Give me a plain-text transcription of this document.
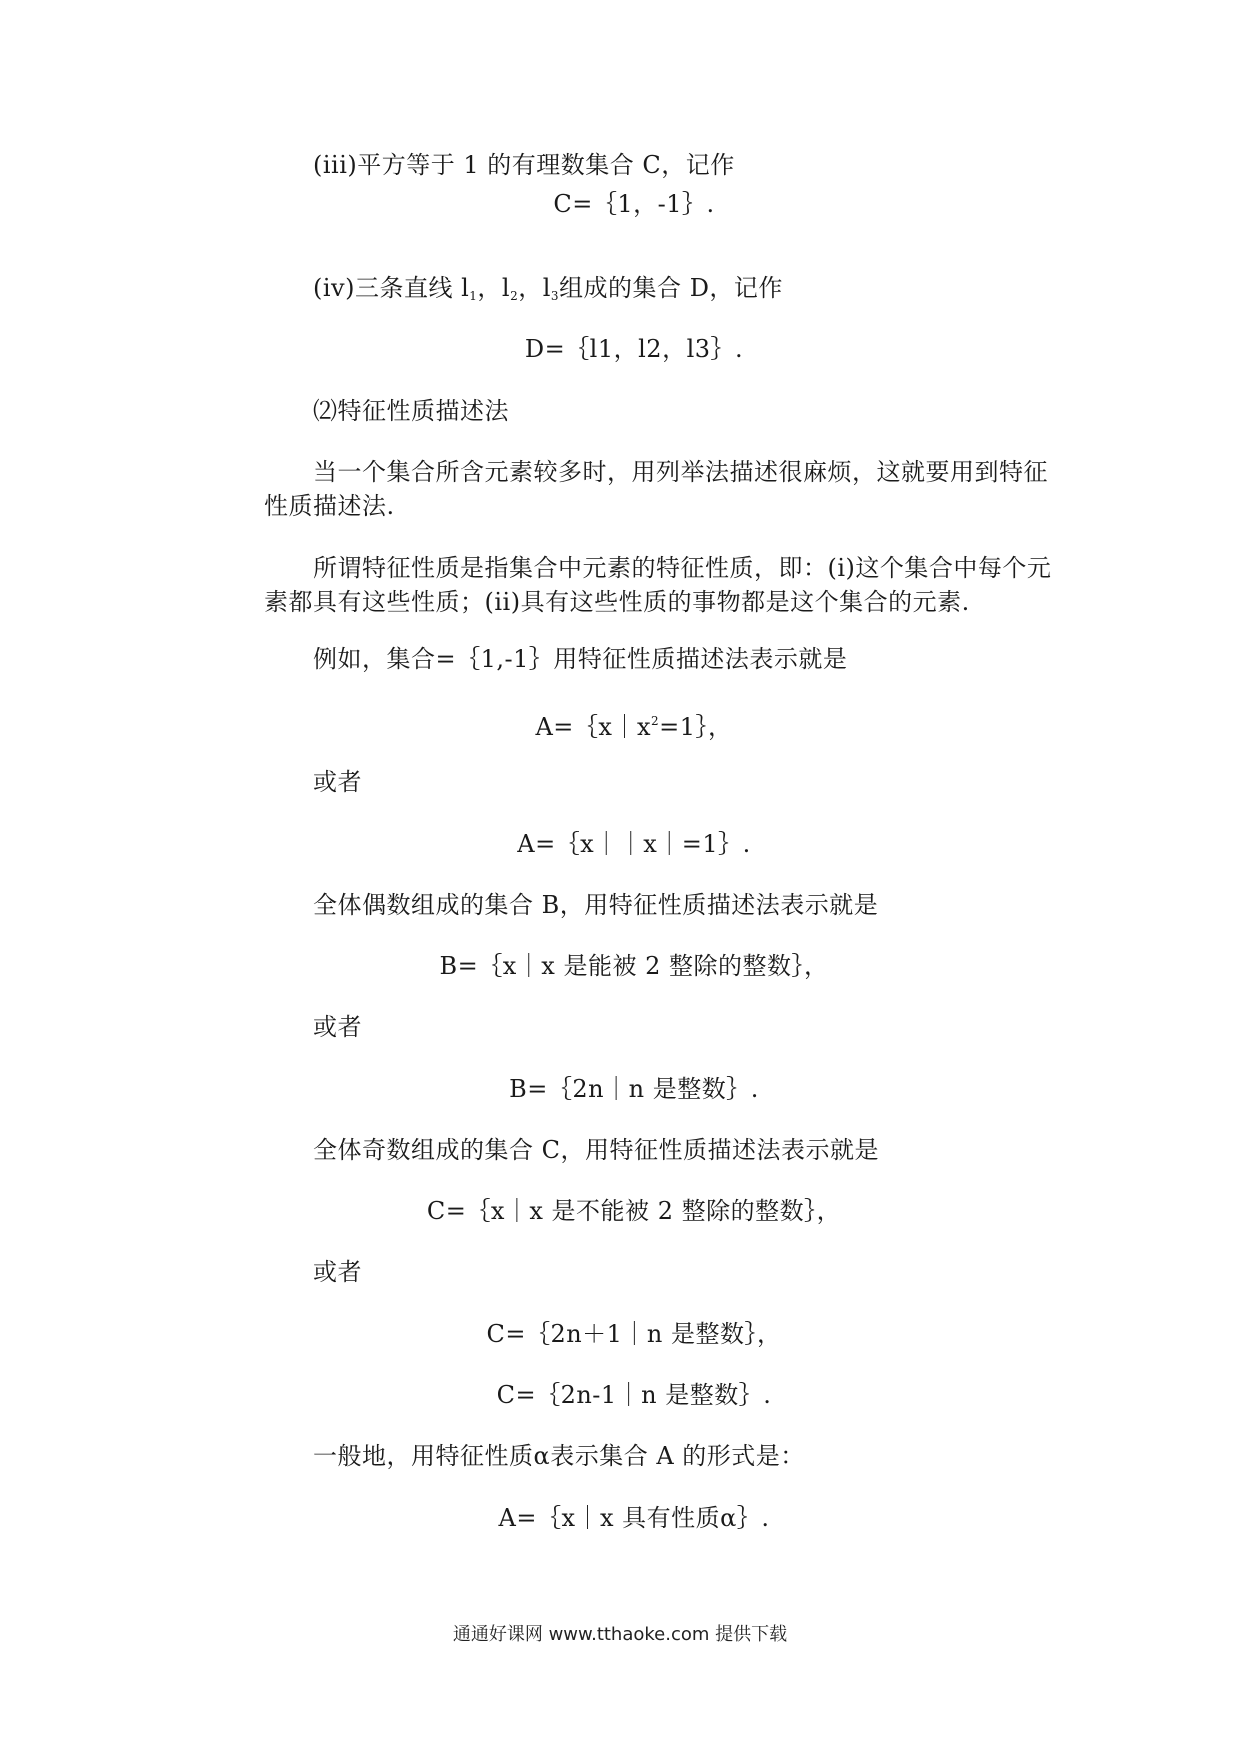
(iii)平方等于 1 的有理数集合 C，记作
C=｛1，-1｝.
(iv)三条直线 $l_1$，$l_2$，$l_3$组成的集合 D，记作
D=｛l1，l2，l3｝.
⑵特征性质描述法
当一个集合所含元素较多时，用列举法描述很麻烦，这就要用到特征性质描述法.
所谓特征性质是指集合中元素的特征性质，即：(i)这个集合中每个元素都具有这些性质；(ii)具有这些性质的事物都是这个集合的元素.
例如，集合=｛1,-1｝用特征性质描述法表示就是
$A=\{x|x^2=1\}$，
或者
A=｛x｜｜x｜=1｝.
全体偶数组成的集合 B，用特征性质描述法表示就是
B=｛x｜x 是能被 2 整除的整数｝，
或者
B=｛2n｜n 是整数｝.
全体奇数组成的集合 C，用特征性质描述法表示就是
C=｛x｜x 是不能被 2 整除的整数｝，
或者
C=｛2n＋1｜n 是整数｝，
C=｛2n-1｜n 是整数｝.
一般地，用特征性质α表示集合 A 的形式是：
A=｛x｜x 具有性质α｝.
通通好课网 www.tthaoke.com 提供下载
